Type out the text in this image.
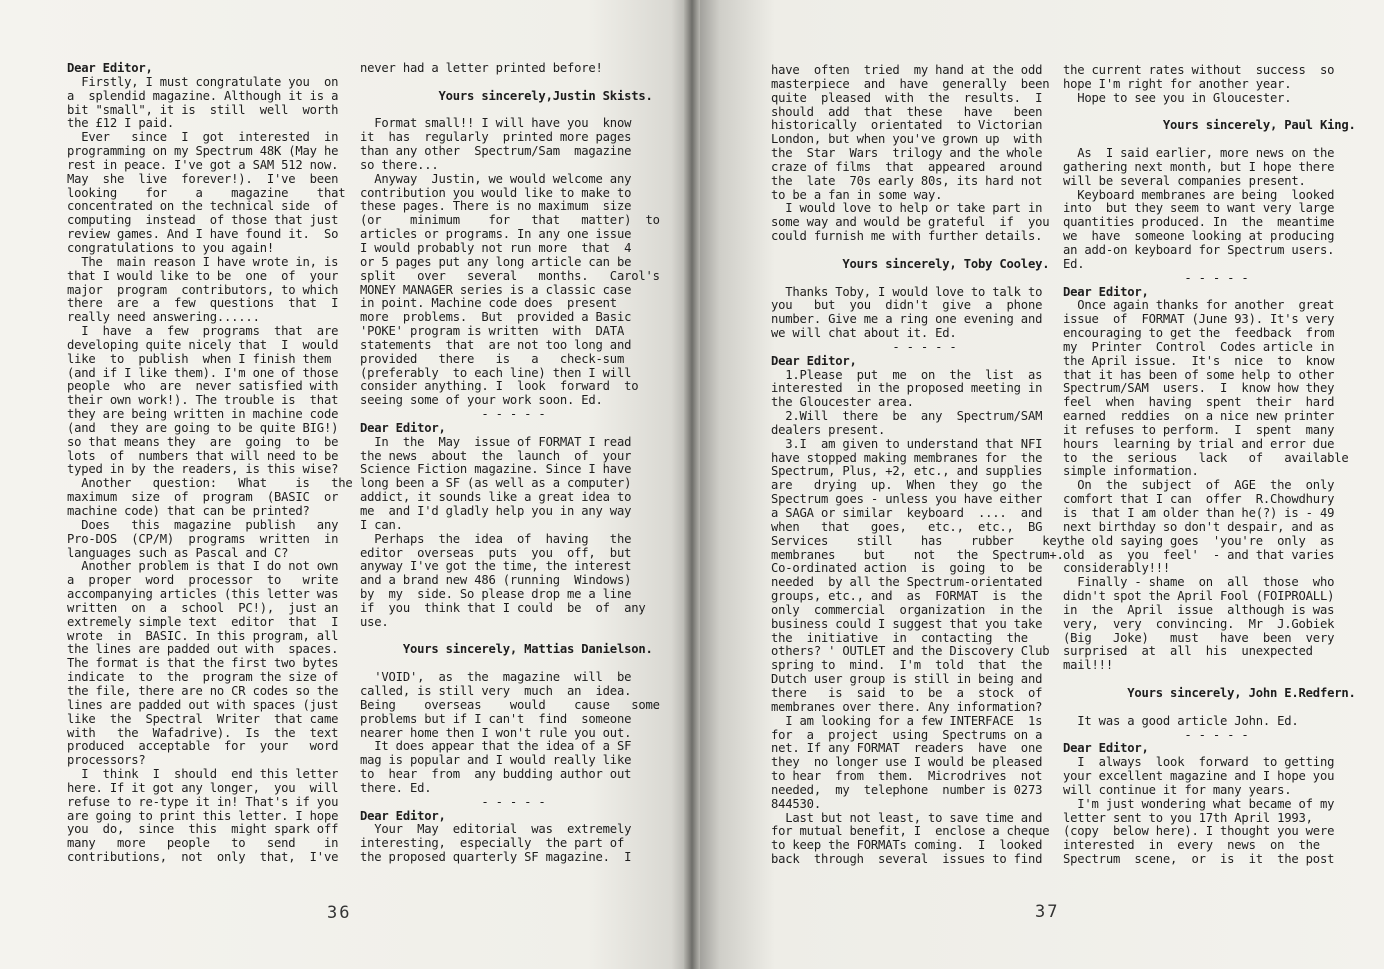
Dear Editor,
Firstly, I must congratulate you  on
a  splendid magazine. Although it is a
bit "small", it is  still  well  worth
the £12 I paid.
Ever   since  I  got  interested  in
programming on my Spectrum 48K (May he
rest in peace. I've got a SAM 512 now.
May  she  live  forever!).  I've  been
looking    for    a    magazine    that
concentrated on the technical side  of
computing  instead  of those that just
review games. And I have found it.  So
congratulations to you again!
The  main reason I have wrote in, is
that I would like to be  one  of  your
major  program  contributors, to which
there  are  a  few  questions  that  I
really need answering......
I  have  a  few  programs  that  are
developing quite nicely that  I  would
like  to  publish  when I finish them
(and if I like them). I'm one of those
people  who  are  never satisfied with
their own work!). The trouble is  that
they are being written in machine code
(and  they are going to be quite BIG!)
so that means they  are  going  to  be
lots  of  numbers that will need to be
typed in by the readers, is this wise?
Another   question:   What    is   the
maximum  size  of  program  (BASIC  or
machine code) that can be printed?
Does   this  magazine  publish   any
Pro-DOS  (CP/M)  programs  written  in
languages such as Pascal and C?
Another problem is that I do not own
a  proper  word  processor  to   write
accompanying articles (this letter was
written  on  a  school  PC!),  just an
extremely simple text  editor  that  I
wrote  in  BASIC. In this program, all
the lines are padded out with  spaces.
The format is that the first two bytes
indicate  to  the  program the size of
the file, there are no CR codes so the
lines are padded out with spaces (just
like  the  Spectral  Writer  that came
with   the  Wafadrive).  Is  the  text
produced  acceptable  for  your   word
processors?
I  think  I  should  end this letter
here. If it got any longer,  you  will
refuse to re-type it in! That's if you
are going to print this letter. I hope
you  do,  since  this  might spark off
many   more   people   to   send    in
contributions,  not  only  that,  I've
never had a letter printed before!
Yours sincerely,Justin Skists.
Format small!! I will have you  know
it  has  regularly  printed more pages
than any other  Spectrum/Sam  magazine
so there...
Anyway  Justin, we would welcome any
contribution you would like to make to
these pages. There is no maximum  size
(or    minimum    for   that   matter)  to
articles or programs. In any one issue
I would probably not run more  that  4
or 5 pages put any long article can be
split   over   several   months.   Carol's
MONEY MANAGER series is a classic case
in point. Machine code does  present
more  problems.  But  provided a Basic
'POKE' program is written  with  DATA
statements  that  are not too long and
provided   there   is   a   check-sum
(preferably  to each line) then I will
consider anything. I  look  forward  to
seeing some of your work soon. Ed.
- - - - -
Dear Editor,
In  the  May  issue of FORMAT I read
the news  about  the  launch  of  your
Science Fiction magazine. Since I have
long been a SF (as well as a computer)
addict, it sounds like a great idea to
me  and I'd gladly help you in any way
I can.
Perhaps  the  idea  of  having   the
editor  overseas  puts  you  off,  but
anyway I've got the time, the interest
and a brand new 486 (running  Windows)
by  my  side. So please drop me a line
if  you  think that I could  be  of  any
use.
Yours sincerely, Mattias Danielson.
'VOID',  as  the  magazine  will  be
called, is still very  much  an  idea.
Being    overseas    would    cause   some
problems but if I can't  find  someone
nearer home then I won't rule you out.
It does appear that the idea of a SF
mag is popular and I would really like
to  hear  from  any budding author out
there. Ed.
- - - - -
Dear Editor,
Your  May  editorial  was  extremely
interesting,  especially  the part of
the proposed quarterly SF magazine.  I
36
have  often  tried  my hand at the odd
masterpiece  and  have  generally  been
quite  pleased  with  the  results.  I
should  add  that  these   have   been
historically  orientated  to Victorian
London, but when you've grown up  with
the  Star  Wars  trilogy and the whole
craze of films  that  appeared  around
the  late  70s early 80s, its hard not
to be a fan in some way.
I would love to help or take part in
some way and would be grateful  if  you
could furnish me with further details.
Yours sincerely, Toby Cooley.
Thanks Toby, I would love to talk to
you   but  you  didn't  give  a  phone
number. Give me a ring one evening and
we will chat about it. Ed.
- - - - -
Dear Editor,
1.Please  put  me  on  the  list  as
interested  in the proposed meeting in
the Gloucester area.
2.Will  there  be  any  Spectrum/SAM
dealers present.
3.I  am given to understand that NFI
have stopped making membranes for  the
Spectrum, Plus, +2, etc., and supplies
are   drying  up.  When  they  go  the
Spectrum goes - unless you have either
a SAGA or similar  keyboard  ....  and
when   that   goes,   etc.,  etc.,  BG
Services    still    has    rubber    key
membranes    but    not   the  Spectrum+.
Co-ordinated action  is  going  to  be
needed  by all the Spectrum-orientated
groups, etc., and  as  FORMAT  is  the
only  commercial  organization  in the
business could I suggest that you take
the  initiative  in  contacting  the
others? ' OUTLET and the Discovery Club
spring to  mind.  I'm  told  that  the
Dutch user group is still in being and
there   is  said  to  be  a  stock  of
membranes over there. Any information?
I am looking for a few INTERFACE  1s
for  a  project  using  Spectrums on a
net. If any FORMAT  readers  have  one
they  no longer use I would be pleased
to hear  from  them.  Microdrives  not
needed,  my  telephone  number is 0273
844530.
Last but not least, to save time and
for mutual benefit, I  enclose a cheque
to keep the FORMATs coming.  I  looked
back  through  several  issues to find
the current rates without  success  so
hope I'm right for another year.
Hope to see you in Gloucester.
Yours sincerely, Paul King.
As  I said earlier, more news on the
gathering next month, but I hope there
will be several companies present.
Keyboard membranes are being  looked
into  but they seem to want very large
quantities produced. In  the  meantime
we  have  someone looking at producing
an add-on keyboard for Spectrum users.
Ed.
- - - - -
Dear Editor,
Once again thanks for another  great
issue  of  FORMAT (June 93). It's very
encouraging to get the  feedback  from
my  Printer  Control  Codes article in
the April issue.  It's  nice  to  know
that it has been of some help to other
Spectrum/SAM  users.  I  know how they
feel  when  having  spent  their  hard
earned  reddies  on a nice new printer
it refuses to perform.  I  spent  many
hours  learning by trial and error due
to  the  serious   lack   of   available
simple information.
On  the  subject  of  AGE  the  only
comfort that I can  offer  R.Chowdhury
is  that I am older than he(?) is - 49
next birthday so don't despair, and as
the old saying goes  'you're  only  as
old  as  you  feel'  - and that varies
considerably!!!
Finally - shame  on  all  those  who
didn't spot the April Fool (FOIPROALL)
in  the  April  issue  although is was
very,  very  convincing.  Mr  J.Gobiek
(Big   Joke)   must   have  been  very
surprised  at  all  his  unexpected
mail!!!
Yours sincerely, John E.Redfern.
It was a good article John. Ed.
- - - - -
Dear Editor,
I  always  look  forward  to getting
your excellent magazine and I hope you
will continue it for many years.
I'm just wondering what became of my
letter sent to you 17th April 1993,
(copy  below here). I thought you were
interested  in  every  news  on  the
Spectrum  scene,  or  is  it  the post
37
